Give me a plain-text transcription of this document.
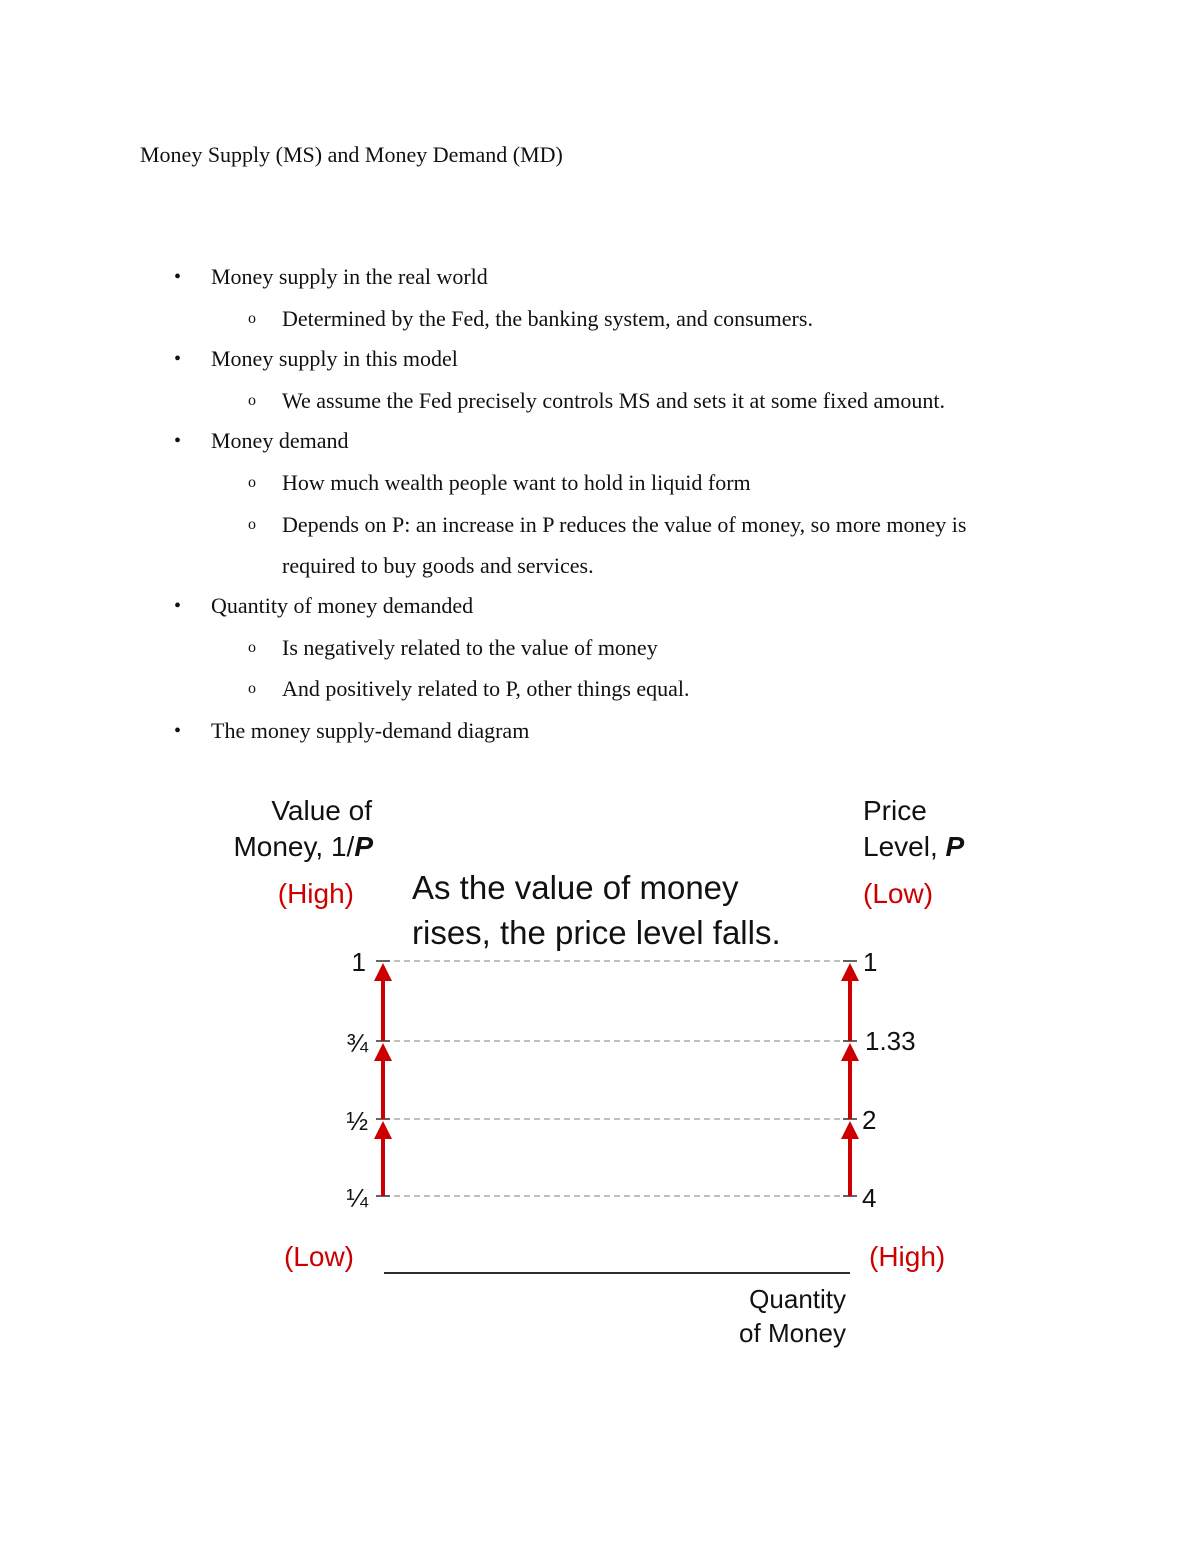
Money Supply (MS) and Money Demand (MD)
• Money supply in the real world
o Determined by the Fed, the banking system, and consumers.
• Money supply in this model
o We assume the Fed precisely controls MS and sets it at some fixed amount.
• Money demand
o How much wealth people want to hold in liquid form
o Depends on P: an increase in P reduces the value of money, so more money is
required to buy goods and services.
• Quantity of money demanded
o Is negatively related to the value of money
o And positively related to P, other things equal.
• The money supply-demand diagram
Value of
Money, 1/P
Price
Level, P
(High)	(Low)
(Low)	(High)
As the value of money
rises, the price level falls.
1
¾
½
¼
1
1.33
2
4
Quantity
of Money
